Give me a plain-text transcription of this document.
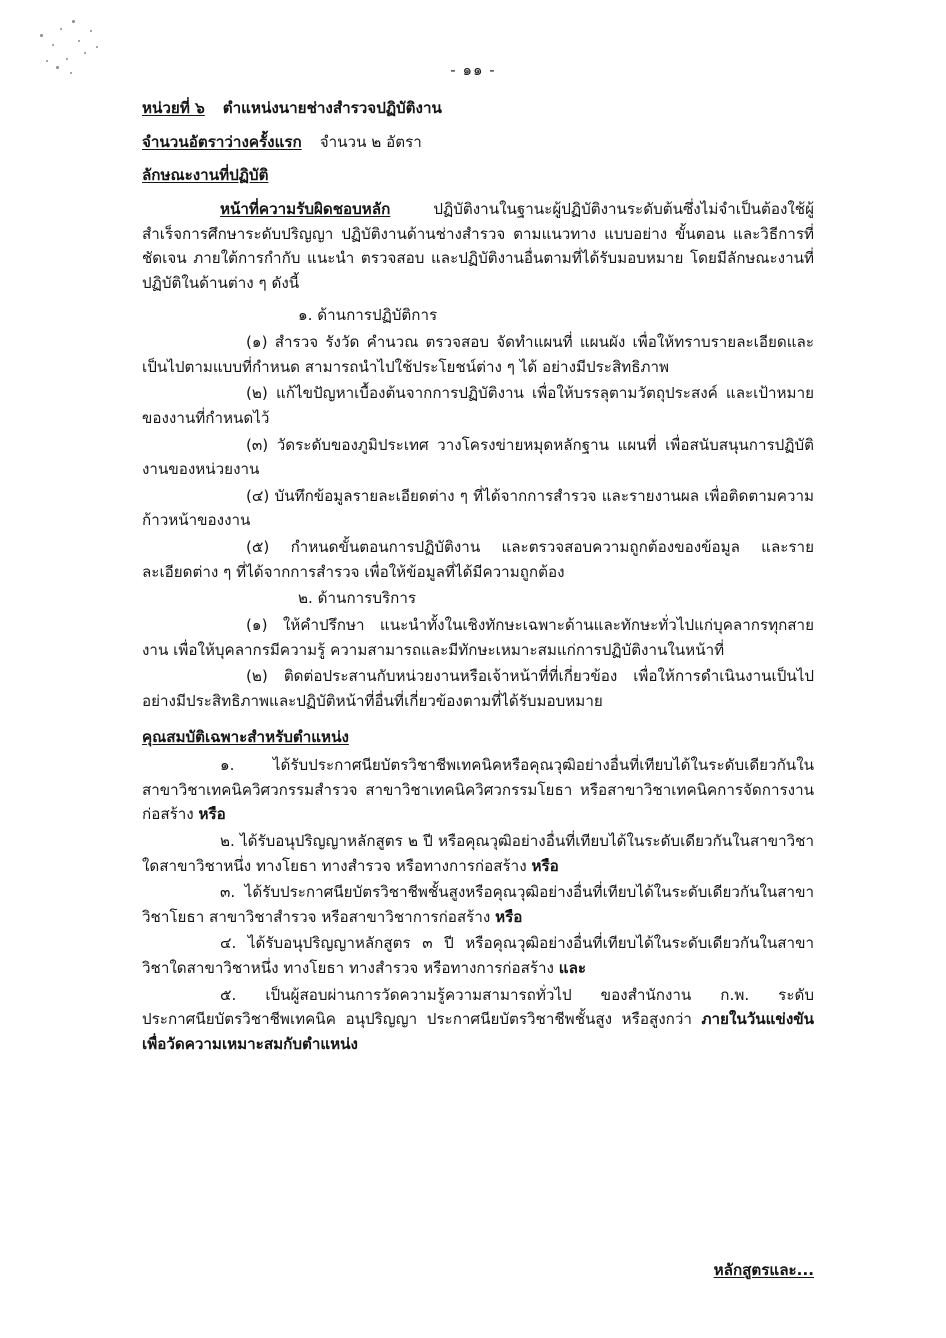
- ๑๑ -
หน่วยที่ ๖ ตำแหน่งนายช่างสำรวจปฏิบัติงาน
จำนวนอัตราว่างครั้งแรก จำนวน ๒ อัตรา
ลักษณะงานที่ปฏิบัติ
หน้าที่ความรับผิดชอบหลัก ปฏิบัติงานในฐานะผู้ปฏิบัติงานระดับต้นซึ่งไม่จำเป็นต้องใช้ผู้สำเร็จการศึกษาระดับปริญญา ปฏิบัติงานด้านช่างสำรวจ ตามแนวทาง แบบอย่าง ขั้นตอน และวิธีการที่ชัดเจน ภายใต้การกำกับ แนะนำ ตรวจสอบ และปฏิบัติงานอื่นตามที่ได้รับมอบหมาย โดยมีลักษณะงานที่ปฏิบัติในด้านต่าง ๆ ดังนี้
๑. ด้านการปฏิบัติการ
(๑) สำรวจ รังวัด คำนวณ ตรวจสอบ จัดทำแผนที่ แผนผัง เพื่อให้ทราบรายละเอียดและเป็นไปตามแบบที่กำหนด สามารถนำไปใช้ประโยชน์ต่าง ๆ ได้ อย่างมีประสิทธิภาพ
(๒) แก้ไขปัญหาเบื้องต้นจากการปฏิบัติงาน เพื่อให้บรรลุตามวัตถุประสงค์ และเป้าหมายของงานที่กำหนดไว้
(๓) วัดระดับของภูมิประเทศ วางโครงข่ายหมุดหลักฐาน แผนที่ เพื่อสนับสนุนการปฏิบัติงานของหน่วยงาน
(๔) บันทึกข้อมูลรายละเอียดต่าง ๆ ที่ได้จากการสำรวจ และรายงานผล เพื่อติดตามความก้าวหน้าของงาน
(๕) กำหนดขั้นตอนการปฏิบัติงาน และตรวจสอบความถูกต้องของข้อมูล และรายละเอียดต่าง ๆ ที่ได้จากการสำรวจ เพื่อให้ข้อมูลที่ได้มีความถูกต้อง
๒. ด้านการบริการ
(๑) ให้คำปรึกษา แนะนำทั้งในเชิงทักษะเฉพาะด้านและทักษะทั่วไปแก่บุคลากรทุกสายงาน เพื่อให้บุคลากรมีความรู้ ความสามารถและมีทักษะเหมาะสมแก่การปฏิบัติงานในหน้าที่
(๒) ติดต่อประสานกับหน่วยงานหรือเจ้าหน้าที่ที่เกี่ยวข้อง เพื่อให้การดำเนินงานเป็นไปอย่างมีประสิทธิภาพและปฏิบัติหน้าที่อื่นที่เกี่ยวข้องตามที่ได้รับมอบหมาย
คุณสมบัติเฉพาะสำหรับตำแหน่ง
๑. ได้รับประกาศนียบัตรวิชาชีพเทคนิคหรือคุณวุฒิอย่างอื่นที่เทียบได้ในระดับเดียวกันในสาขาวิชาเทคนิควิศวกรรมสำรวจ สาขาวิชาเทคนิควิศวกรรมโยธา หรือสาขาวิชาเทคนิคการจัดการงานก่อสร้าง หรือ
๒. ได้รับอนุปริญญาหลักสูตร ๒ ปี หรือคุณวุฒิอย่างอื่นที่เทียบได้ในระดับเดียวกันในสาขาวิชาใดสาขาวิชาหนึ่ง ทางโยธา ทางสำรวจ หรือทางการก่อสร้าง หรือ
๓. ได้รับประกาศนียบัตรวิชาชีพชั้นสูงหรือคุณวุฒิอย่างอื่นที่เทียบได้ในระดับเดียวกันในสาขาวิชาโยธา สาขาวิชาสำรวจ หรือสาขาวิชาการก่อสร้าง หรือ
๔. ได้รับอนุปริญญาหลักสูตร ๓ ปี หรือคุณวุฒิอย่างอื่นที่เทียบได้ในระดับเดียวกันในสาขาวิชาใดสาขาวิชาหนึ่ง ทางโยธา ทางสำรวจ หรือทางการก่อสร้าง และ
๕. เป็นผู้สอบผ่านการวัดความรู้ความสามารถทั่วไป ของสำนักงาน ก.พ. ระดับประกาศนียบัตรวิชาชีพเทคนิค อนุปริญญา ประกาศนียบัตรวิชาชีพชั้นสูง หรือสูงกว่า ภายในวันแข่งขันเพื่อวัดความเหมาะสมกับตำแหน่ง
หลักสูตรและ...
